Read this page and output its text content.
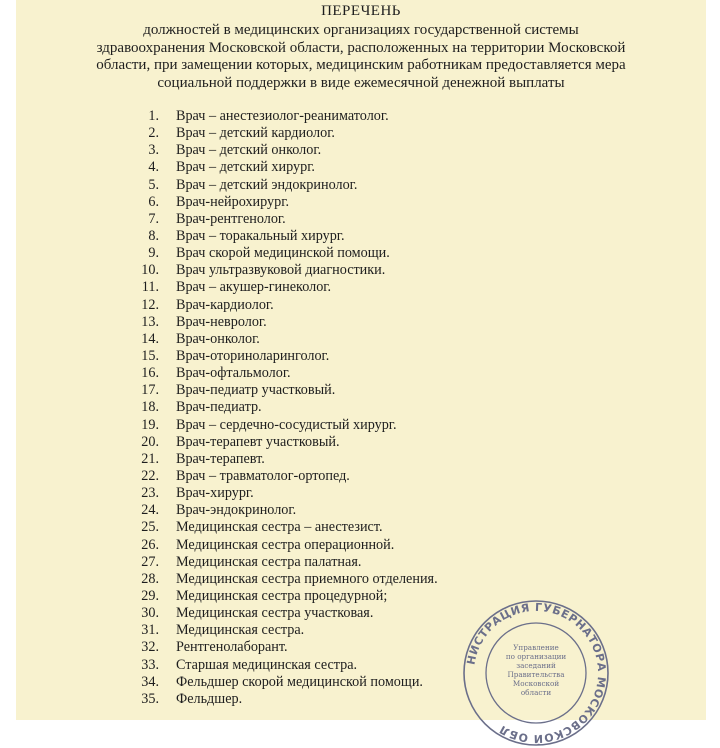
ПЕРЕЧЕНЬ
должностей в медицинских организациях государственной системы
здравоохранения Московской области, расположенных на территории Московской
области, при замещении которых, медицинским работникам предоставляется мера
социальной поддержки в виде ежемесячной денежной выплаты
1. Врач – анестезиолог-реаниматолог.
2. Врач – детский кардиолог.
3. Врач – детский онколог.
4. Врач – детский хирург.
5. Врач – детский эндокринолог.
6. Врач-нейрохирург.
7. Врач-рентгенолог.
8. Врач – торакальный хирург.
9. Врач скорой медицинской помощи.
10. Врач ультразвуковой диагностики.
11. Врач – акушер-гинеколог.
12. Врач-кардиолог.
13. Врач-невролог.
14. Врач-онколог.
15. Врач-оториноларинголог.
16. Врач-офтальмолог.
17. Врач-педиатр участковый.
18. Врач-педиатр.
19. Врач – сердечно-сосудистый хирург.
20. Врач-терапевт участковый.
21. Врач-терапевт.
22. Врач – травматолог-ортопед.
23. Врач-хирург.
24. Врач-эндокринолог.
25. Медицинская сестра – анестезист.
26. Медицинская сестра операционной.
27. Медицинская сестра палатная.
28. Медицинская сестра приемного отделения.
29. Медицинская сестра процедурной;
30. Медицинская сестра участковая.
31. Медицинская сестра.
32. Рентгенолаборант.
33. Старшая медицинская сестра.
34. Фельдшер скорой медицинской помощи.
35. Фельдшер.
НИСТРАЦИЯ ГУБЕРНАТОРА МОСКОВСКОЙ ОБЛ
Управление
по организации
заседаний
Правительства
Московской
области
